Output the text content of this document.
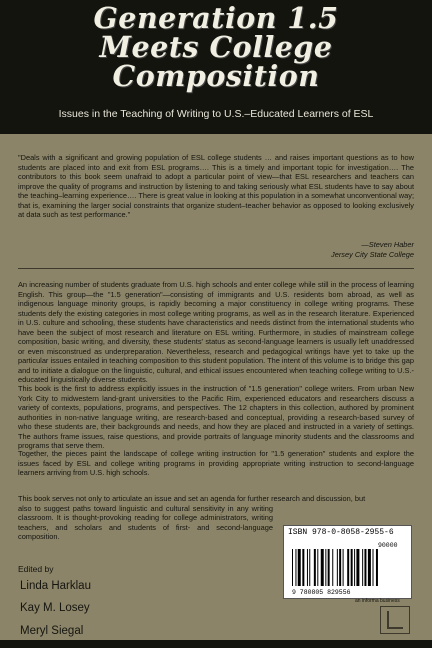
Generation 1.5
Meets College
Composition
Issues in the Teaching of Writing to U.S.–Educated Learners of ESL

"Deals with a significant and growing population of ESL college students … and raises important questions as to how students are placed into and exit from ESL programs…. This is a timely and important topic for investigation…. The contributors to this book seem unafraid to adopt a particular point of view—that ESL researchers and teachers can improve the quality of programs and instruction by listening to and taking seriously what ESL students have to say about the teaching–learning experience…. There is great value in looking at this population in a somewhat unconventional way; that is, examining the larger social constraints that organize student–teacher behavior as opposed to looking exclusively at data such as test performance."

—Steven Haber
Jersey City State College

An increasing number of students graduate from U.S. high schools and enter college while still in the process of learning English. This group—the "1.5 generation"—consisting of immigrants and U.S. residents born abroad, as well as indigenous language minority groups, is rapidly becoming a major constituency in college writing programs. These students defy the existing categories in most college writing programs, as well as in the research literature. Experienced in U.S. culture and schooling, these students have characteristics and needs distinct from the international students who have been the subject of most research and literature on ESL writing. Furthermore, in studies of mainstream college composition, basic writing, and diversity, these students' status as second-language learners is usually left unaddressed or even misconstrued as underpreparation. Nevertheless, research and pedagogical writings have yet to take up the particular issues entailed in teaching composition to this student population. The intent of this volume is to bridge this gap and to initiate a dialogue on the linguistic, cultural, and ethical issues encountered when teaching college writing to U.S.-educated linguistically diverse students.

This book is the first to address explicitly issues in the instruction of "1.5 generation" college writers. From urban New York City to midwestern land-grant universities to the Pacific Rim, experienced educators and researchers discuss a variety of contexts, populations, programs, and perspectives. The 12 chapters in this collection, authored by prominent authorities in non-native language writing, are research-based and conceptual, providing a research-based survey of who these students are, their backgrounds and needs, and how they are placed and instructed in a variety of settings. The authors frame issues, raise questions, and provide portraits of language minority students and the classrooms and programs that serve them.

Together, the pieces paint the landscape of college writing instruction for "1.5 generation" students and explore the issues faced by ESL and college writing programs in providing appropriate writing instruction to second-language learners arriving from U.S. high schools.

This book serves not only to articulate an issue and set an agenda for further research and discussion, but

also to suggest paths toward linguistic and cultural sensitivity in any writing classroom. It is thought-provoking reading for college administrators, writing teachers, and scholars and students of first- and second-language composition.

Edited by
Linda Harklau
Kay M. Losey
Meryl Siegal
ISBN 978-0-8058-2955-6
9 780805 829556
90000
an informa business
